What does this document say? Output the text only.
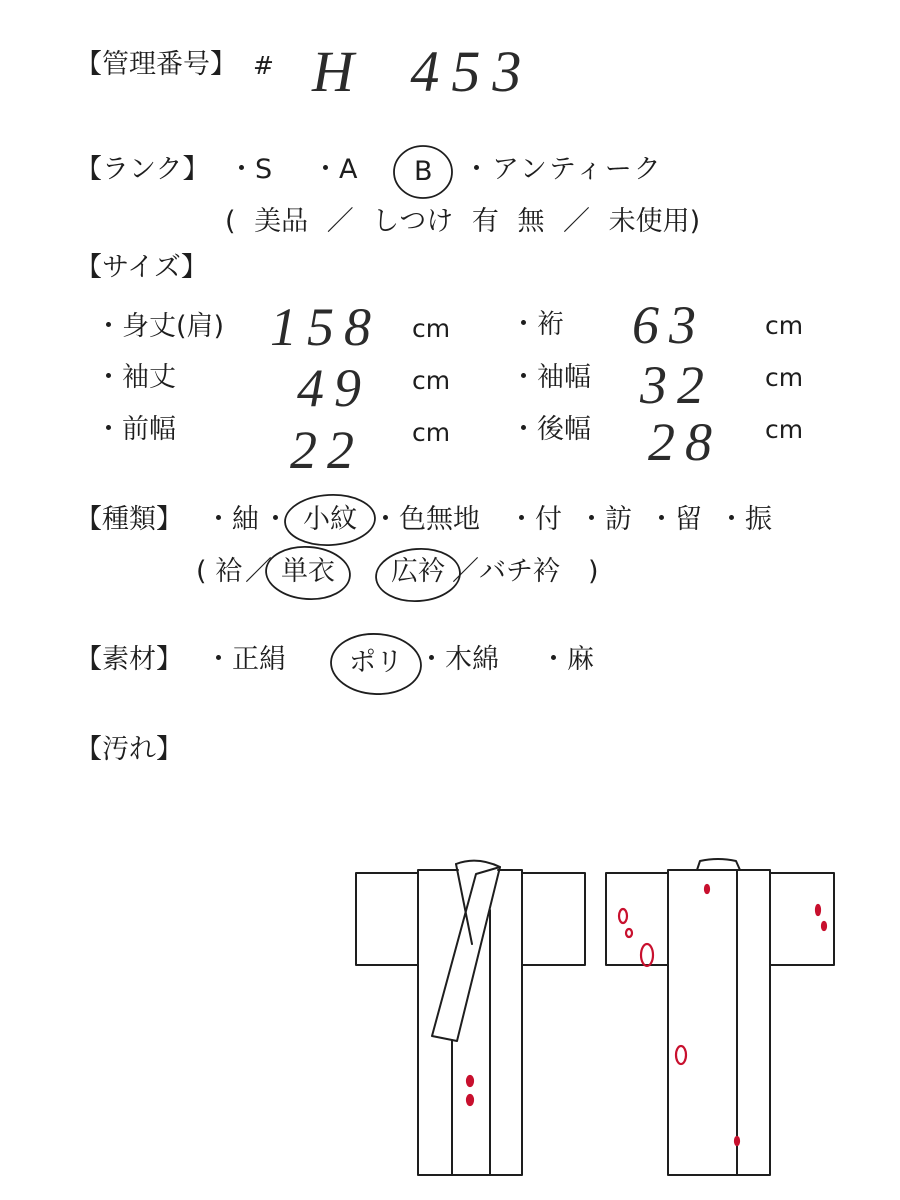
【管理番号】 # H 453
【ランク】 ・S ・A B ・アンティーク
( 美品 ／ しつけ 有 無 ／ 未使用)
【サイズ】
・身丈(肩) 158 cm ・裄 63 cm
・袖丈 49 cm ・袖幅 32 cm
・前幅 22 cm ・後幅 28 cm
【種類】 ・紬 ・ 小紋 ・色無地 ・付 ・訪 ・留 ・振
( 袷 ／ 単衣 広衿 ／バチ衿 )
【素材】 ・正絹 ポリ ・木綿 ・麻
【汚れ】
